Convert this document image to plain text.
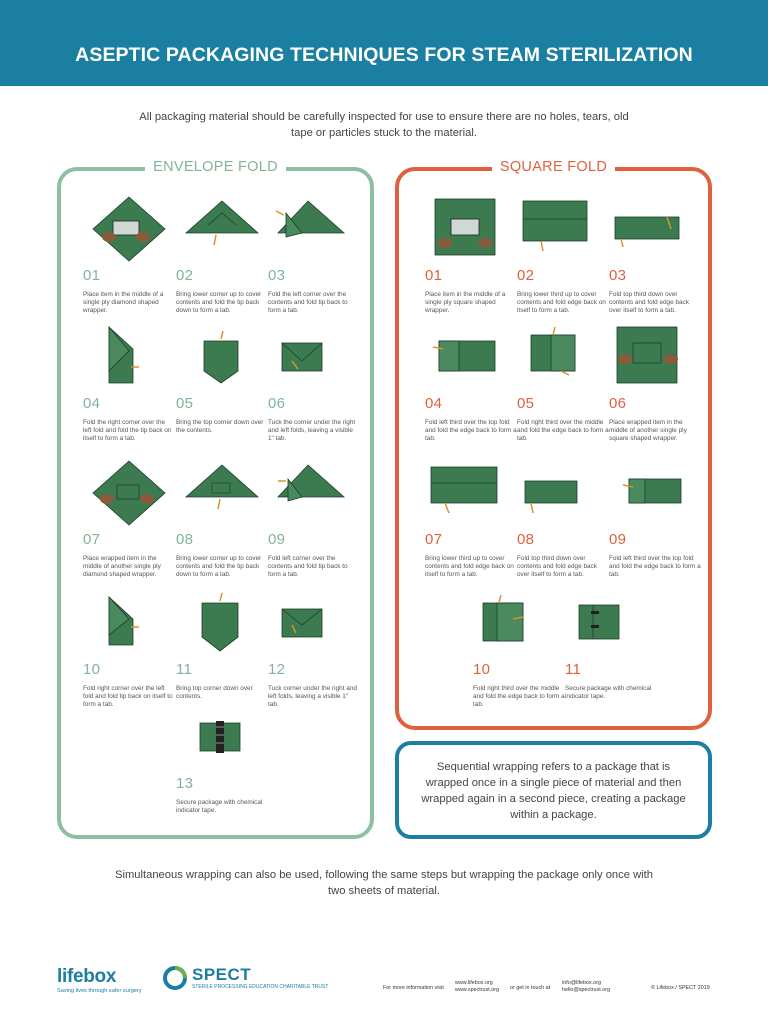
ASEPTIC PACKAGING TECHNIQUES FOR STEAM STERILIZATION

All packaging material should be carefully inspected for use to ensure there are no holes, tears, old tape or particles stuck to the material.

ENVELOPE FOLD
01
Place item in the middle of a single ply diamond shaped wrapper.
02
Bring lower corner up to cover contents and fold the tip back down to form a tab.
03
Fold the left corner over the contents and fold tip back to form a tab.
04
Fold the right corner over the left fold and fold the tip back on itself to form a tab.
05
Bring the top corner down over the contents.
06
Tuck the corner under the right and left folds, leaving a visible 1" tab.
07
Place wrapped item in the middle of another single ply diamond shaped wrapper.
08
Bring lower corner up to cover contents and fold the tip back down to form a tab.
09
Fold left corner over the contents and fold tip back to form a tab.
10
Fold right corner over the left fold and fold tip back on itself to form a tab.
11
Bring top corner down over contents.
12
Tuck corner under the right and left folds, leaving a visible 1" tab.
13
Secure package with chemical indicator tape.
SQUARE FOLD
01
Place item in the middle of a single ply square shaped wrapper.
02
Bring lower third up to cover contents and fold edge back on itself to form a tab.
03
Fold top third down over contents and fold edge back over itself to form a tab.
04
Fold left third over the top fold and fold the edge back to form a tab.
05
Fold right third over the middle and fold the edge back to form a tab.
06
Place wrapped item in the middle of another single ply square shaped wrapper.
07
Bring lower third up to cover contents and fold edge back on itself to form a tab.
08
Fold top third down over contents and fold edge back over itself to form a tab.
09
Fold left third over the top fold and fold the edge back to form a tab.
10
Fold right third over the middle and fold the edge back to form a tab.
11
Secure package with chemical indicator tape.

Sequential wrapping refers to a package that is wrapped once in a single piece of material and then wrapped again in a second piece, creating a package within a package.

Simultaneous wrapping can also be used, following the same steps but wrapping the package only once with two sheets of material.

lifebox
Saving lives through safer surgery
SPECT
STERILE PROCESSING EDUCATION CHARITABLE TRUST	For more information visit
www.lifebox.org
www.spectrust.org or get in touch at
info@lifebox.org
hello@spectrust.org	© Lifebox / SPECT 2019
